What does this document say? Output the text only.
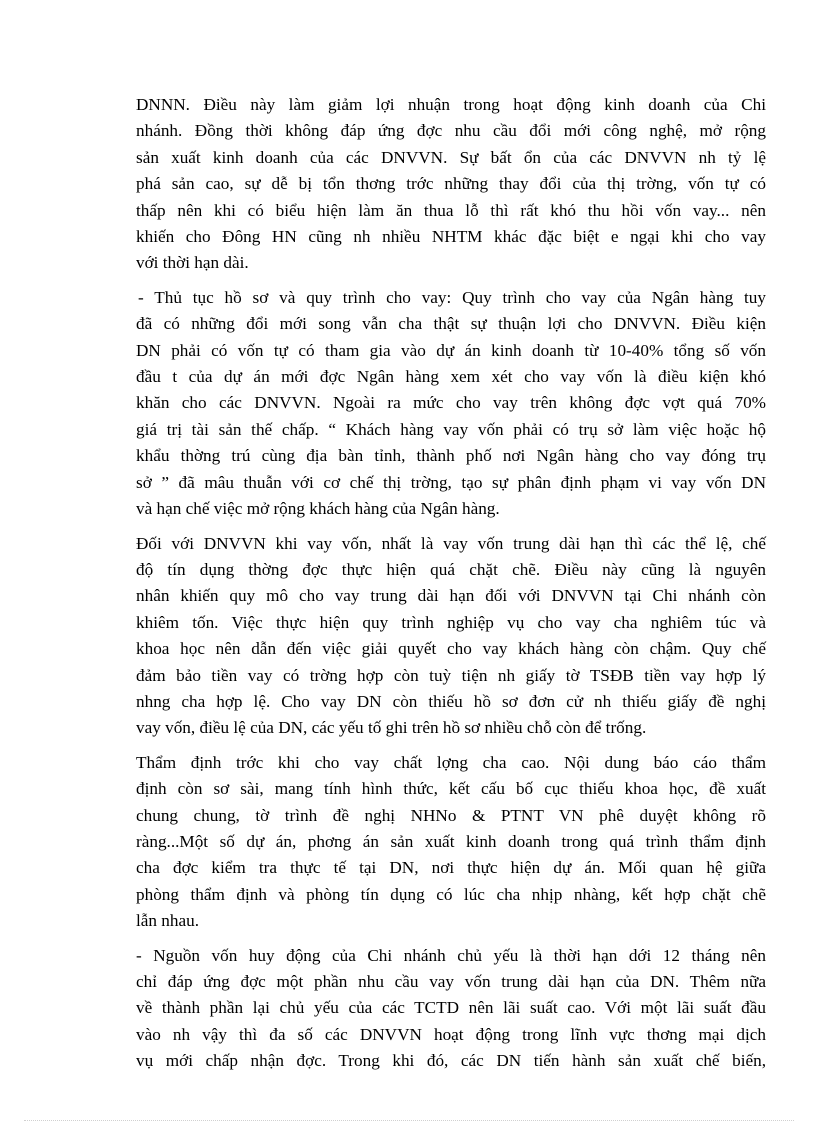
DNNN. Điều này làm giảm lợi nhuận trong hoạt động kinh doanh của Chi
nhánh. Đồng thời không đáp ứng đợc nhu cầu đổi mới công nghệ, mở rộng
sản xuất kinh doanh của các DNVVN. Sự bất ổn của các DNVVN nh tỷ lệ
phá sản cao, sự dễ bị tổn thơng trớc những thay đổi của thị trờng, vốn tự có
thấp nên khi có biểu hiện làm ăn thua lỗ thì rất khó thu hồi vốn vay... nên
khiến cho Đông HN cũng nh nhiều NHTM khác đặc biệt e ngại khi cho vay
với thời hạn dài.

- Thủ tục hồ sơ và quy trình cho vay: Quy trình cho vay của Ngân hàng tuy
đã có những đổi mới song vẫn cha thật sự thuận lợi cho DNVVN. Điều kiện
DN phải có vốn tự có tham gia vào dự án kinh doanh từ 10-40% tổng số vốn
đầu t của dự án mới đợc Ngân hàng xem xét cho vay vốn là điều kiện khó
khăn cho các DNVVN. Ngoài ra mức cho vay trên không đợc vợt quá 70%
giá trị tài sản thế chấp. “ Khách hàng vay vốn phải có trụ sở làm việc hoặc hộ
khẩu thờng trú cùng địa bàn tỉnh, thành phố nơi Ngân hàng cho vay đóng trụ
sở ” đã mâu thuẫn với cơ chế thị trờng, tạo sự phân định phạm vi vay vốn DN
và hạn chế việc mở rộng khách hàng của Ngân hàng.

Đối với DNVVN khi vay vốn, nhất là vay vốn trung dài hạn thì các thể lệ, chế
độ tín dụng thờng đợc thực hiện quá chặt chẽ. Điều này cũng là nguyên
nhân khiến quy mô cho vay trung dài hạn đối với DNVVN tại Chi nhánh còn
khiêm tốn. Việc thực hiện quy trình nghiệp vụ cho vay cha nghiêm túc và
khoa học nên dẫn đến việc giải quyết cho vay khách hàng còn chậm. Quy chế
đảm bảo tiền vay có trờng hợp còn tuỳ tiện nh giấy tờ TSĐB tiền vay hợp lý
nhng cha hợp lệ. Cho vay DN còn thiếu hồ sơ đơn cử nh thiếu giấy đề nghị
vay vốn, điều lệ của DN, các yếu tố ghi trên hồ sơ nhiều chỗ còn để trống.

Thẩm định trớc khi cho vay chất lợng cha cao. Nội dung báo cáo thẩm
định còn sơ sài, mang tính hình thức, kết cấu bố cục thiếu khoa học, đề xuất
chung chung, tờ trình đề nghị NHNo & PTNT VN phê duyệt không rõ
ràng...Một số dự án, phơng án sản xuất kinh doanh trong quá trình thẩm định
cha đợc kiểm tra thực tế tại DN, nơi thực hiện dự án. Mối quan hệ giữa
phòng thẩm định và phòng tín dụng có lúc cha nhịp nhàng, kết hợp chặt chẽ
lẫn nhau.

- Nguồn vốn huy động của Chi nhánh chủ yếu là thời hạn dới 12 tháng nên
chỉ đáp ứng đợc một phần nhu cầu vay vốn trung dài hạn của DN. Thêm nữa
về thành phần lại chủ yếu của các TCTD nên lãi suất cao. Với một lãi suất đầu
vào nh vậy thì đa số các DNVVN hoạt động trong lĩnh vực thơng mại dịch
vụ mới chấp nhận đợc. Trong khi đó, các DN tiến hành sản xuất chế biến,
